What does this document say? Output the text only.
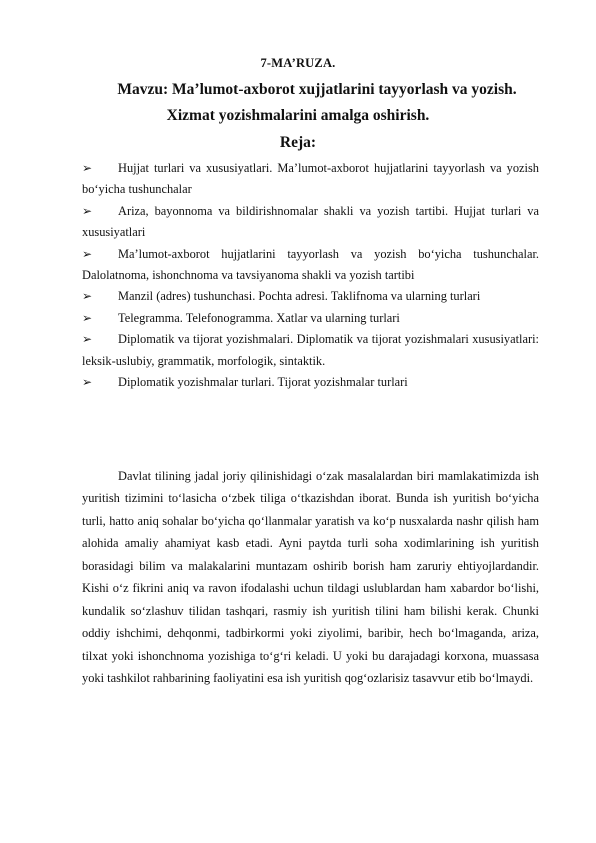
7-MA’RUZA.
Mavzu: Ma’lumot-axborot xujjatlarini tayyorlash va yozish.
Xizmat yozishmalarini amalga oshirish.
Reja:
➢ Hujjat turlari va xususiyatlari. Ma’lumot-axborot hujjatlarini tayyorlash va yozish bo‘yicha tushunchalar
➢ Ariza, bayonnoma va bildirishnomalar shakli va yozish tartibi. Hujjat turlari va xususiyatlari
➢ Ma’lumot-axborot hujjatlarini tayyorlash va yozish bo‘yicha tushunchalar. Dalolatnoma, ishonchnoma va tavsiyanoma shakli va yozish tartibi
➢ Manzil (adres) tushunchasi. Pochta adresi. Taklifnoma va ularning turlari
➢ Telegramma. Telefonogramma. Xatlar va ularning turlari
➢ Diplomatik va tijorat yozishmalari. Diplomatik va tijorat yozishmalari xususiyatlari: leksik-uslubiy, grammatik, morfologik, sintaktik.
➢ Diplomatik yozishmalar turlari. Tijorat yozishmalar turlari

Davlat tilining jadal joriy qilinishidagi o‘zak masalalardan biri mamlakatimizda ish yuritish tizimini to‘lasicha o‘zbek tiliga o‘tkazishdan iborat. Bunda ish yuritish bo‘yicha turli, hatto aniq sohalar bo‘yicha qo‘llanmalar yaratish va ko‘p nusxalarda nashr qilish ham alohida amaliy ahamiyat kasb etadi. Ayni paytda turli soha xodimlarining ish yuritish borasidagi bilim va malakalarini muntazam oshirib borish ham zaruriy ehtiyojlardandir. Kishi o‘z fikrini aniq va ravon ifodalashi uchun tildagi uslublardan ham xabardor bo‘lishi, kundalik so‘zlashuv tilidan tashqari, rasmiy ish yuritish tilini ham bilishi kerak. Chunki oddiy ishchimi, dehqonmi, tadbirkormi yoki ziyolimi, baribir, hech bo‘lmaganda, ariza, tilxat yoki ishonchnoma yozishiga to‘g‘ri keladi. U yoki bu darajadagi korxona, muassasa yoki tashkilot rahbarining faoliyatini esa ish yuritish qog‘ozlarisiz tasavvur etib bo‘lmaydi.
